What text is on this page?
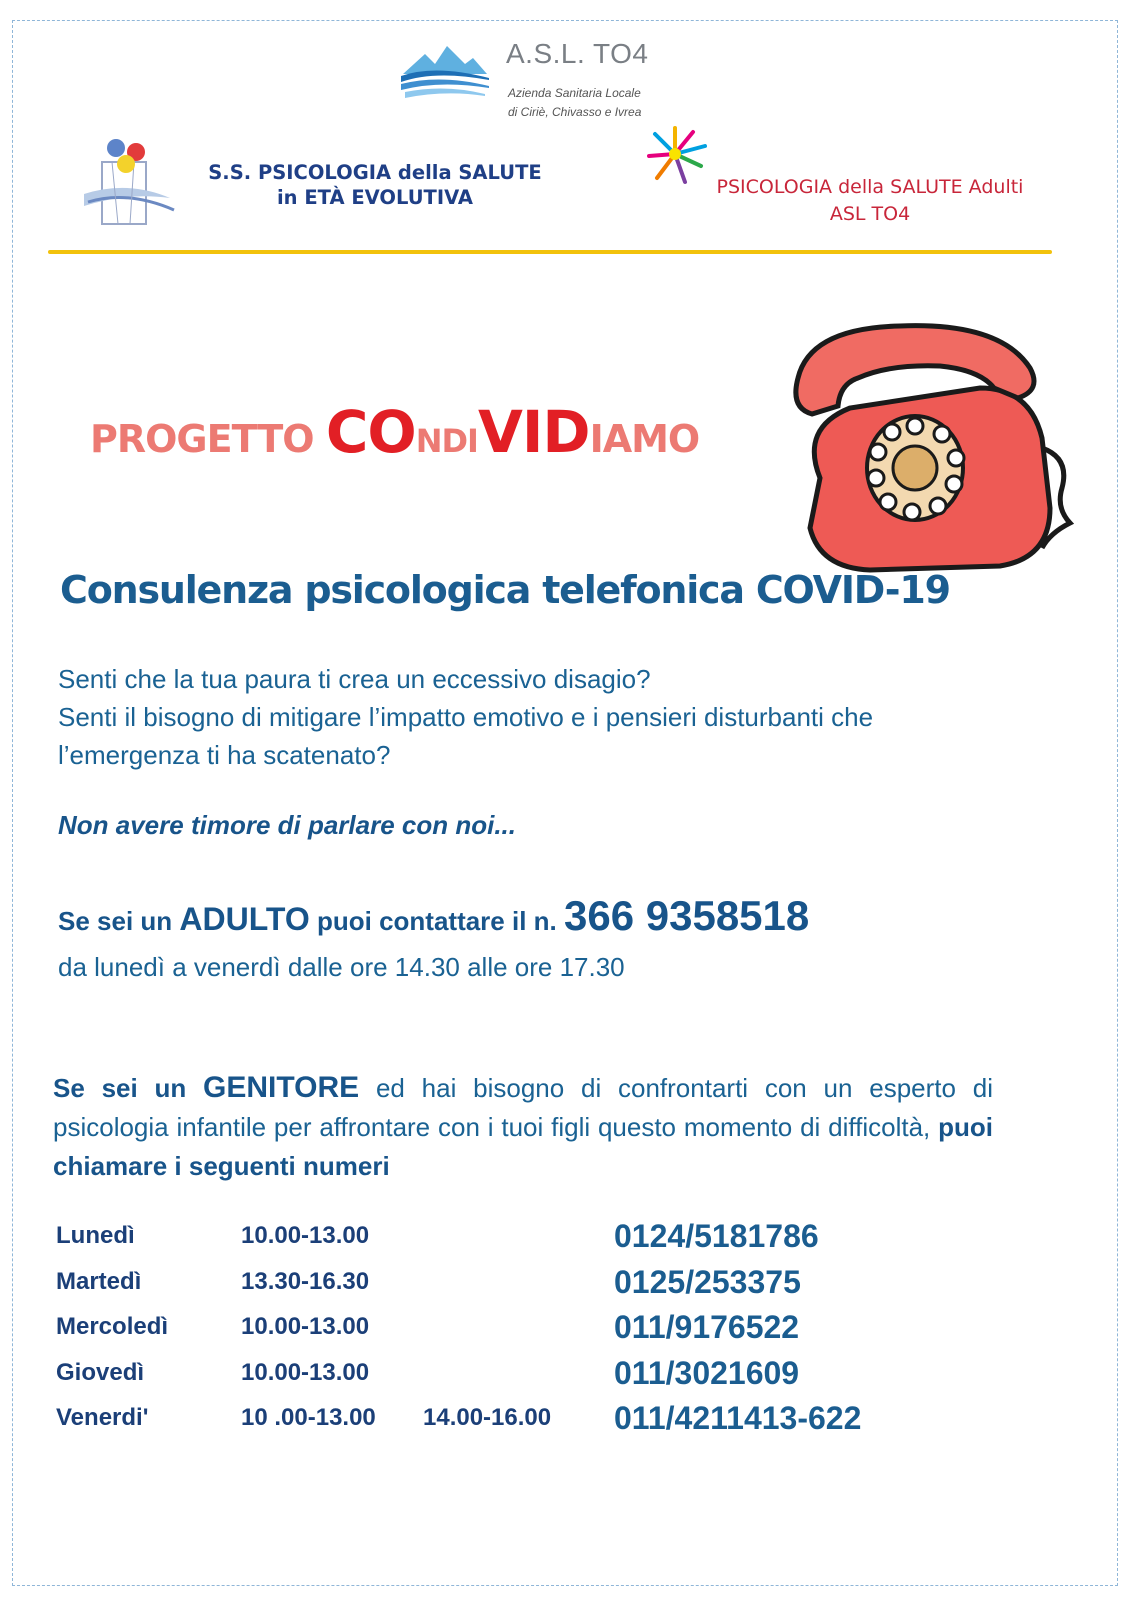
A.S.L. TO4
Azienda Sanitaria Locale
di Ciriè, Chivasso e Ivrea
S.S. PSICOLOGIA della SALUTE
in ETÀ EVOLUTIVA	PSICOLOGIA della SALUTE Adulti
ASL TO4
PROGETTO CONDIVIDIAMO
Consulenza psicologica telefonica COVID-19
Senti che la tua paura ti crea un eccessivo disagio?
Senti il bisogno di mitigare l’impatto emotivo e i pensieri disturbanti che
l’emergenza ti ha scatenato?
Non avere timore di parlare con noi...
Se sei un ADULTO puoi contattare il n. 366 9358518
da lunedì a venerdì dalle ore 14.30 alle ore 17.30
Se sei un GENITORE ed hai bisogno di confrontarti con un esperto di psicologia infantile per affrontare con i tuoi figli questo momento di difficoltà, puoi chiamare i seguenti numeri
Lunedì	10.00-13.00	0124/5181786
Martedì	13.30-16.30	0125/253375
Mercoledì	10.00-13.00	011/9176522
Giovedì	10.00-13.00	011/3021609
Venerdi'	10 .00-13.00 14.00-16.00 011/4211413-622
